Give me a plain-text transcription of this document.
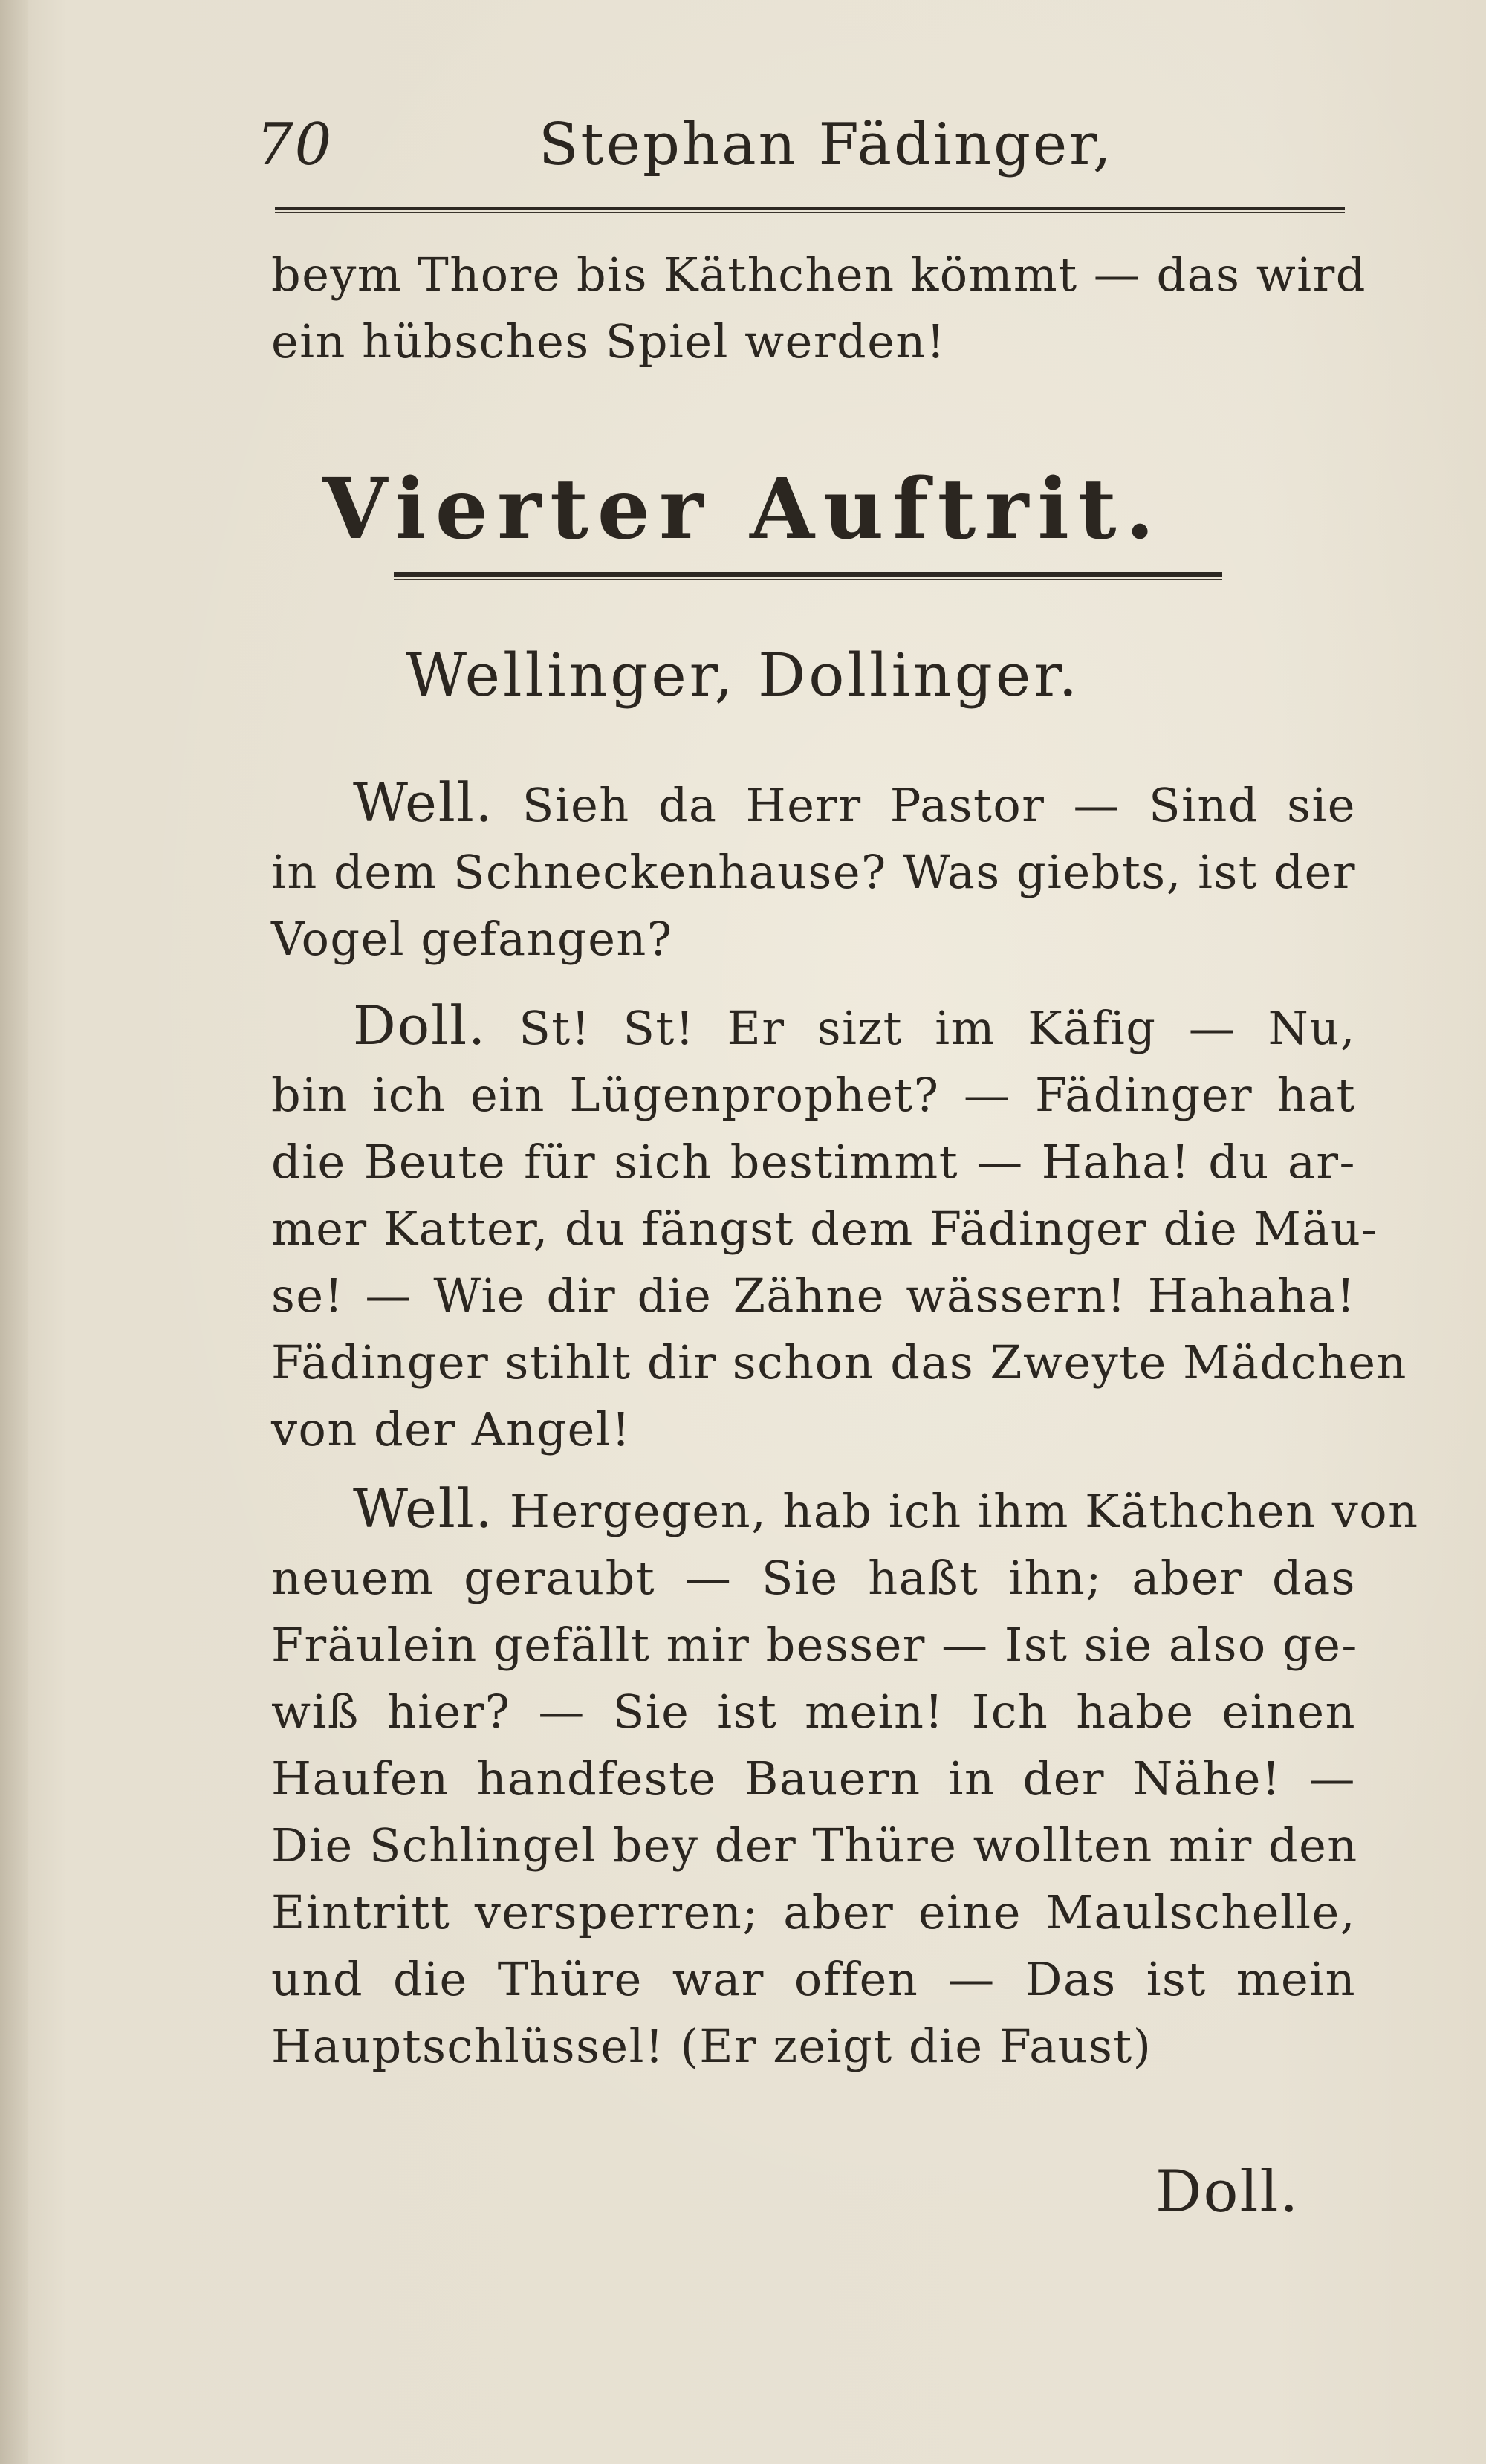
70	Stephan Fädinger,
beym Thore bis Käthchen kömmt — das wird
ein hübsches Spiel werden!
Vierter Auftrit.
Wellinger, Dollinger.
Well. Sieh da Herr Pastor — Sind sie
in dem Schneckenhause? Was giebts, ist der
Vogel gefangen?
Doll. St! St! Er sizt im Käfig — Nu,
bin ich ein Lügenprophet? — Fädinger hat
die Beute für sich bestimmt — Haha! du ar-
mer Katter, du fängst dem Fädinger die Mäu-
se! — Wie dir die Zähne wässern! Hahaha!
Fädinger stihlt dir schon das Zweyte Mädchen
von der Angel!
Well. Hergegen, hab ich ihm Käthchen von
neuem geraubt — Sie haßt ihn; aber das
Fräulein gefällt mir besser — Ist sie also ge-
wiß hier? — Sie ist mein! Ich habe einen
Haufen handfeste Bauern in der Nähe! —
Die Schlingel bey der Thüre wollten mir den
Eintritt versperren; aber eine Maulschelle,
und die Thüre war offen — Das ist mein
Hauptschlüssel! (Er zeigt die Faust)
Doll.
